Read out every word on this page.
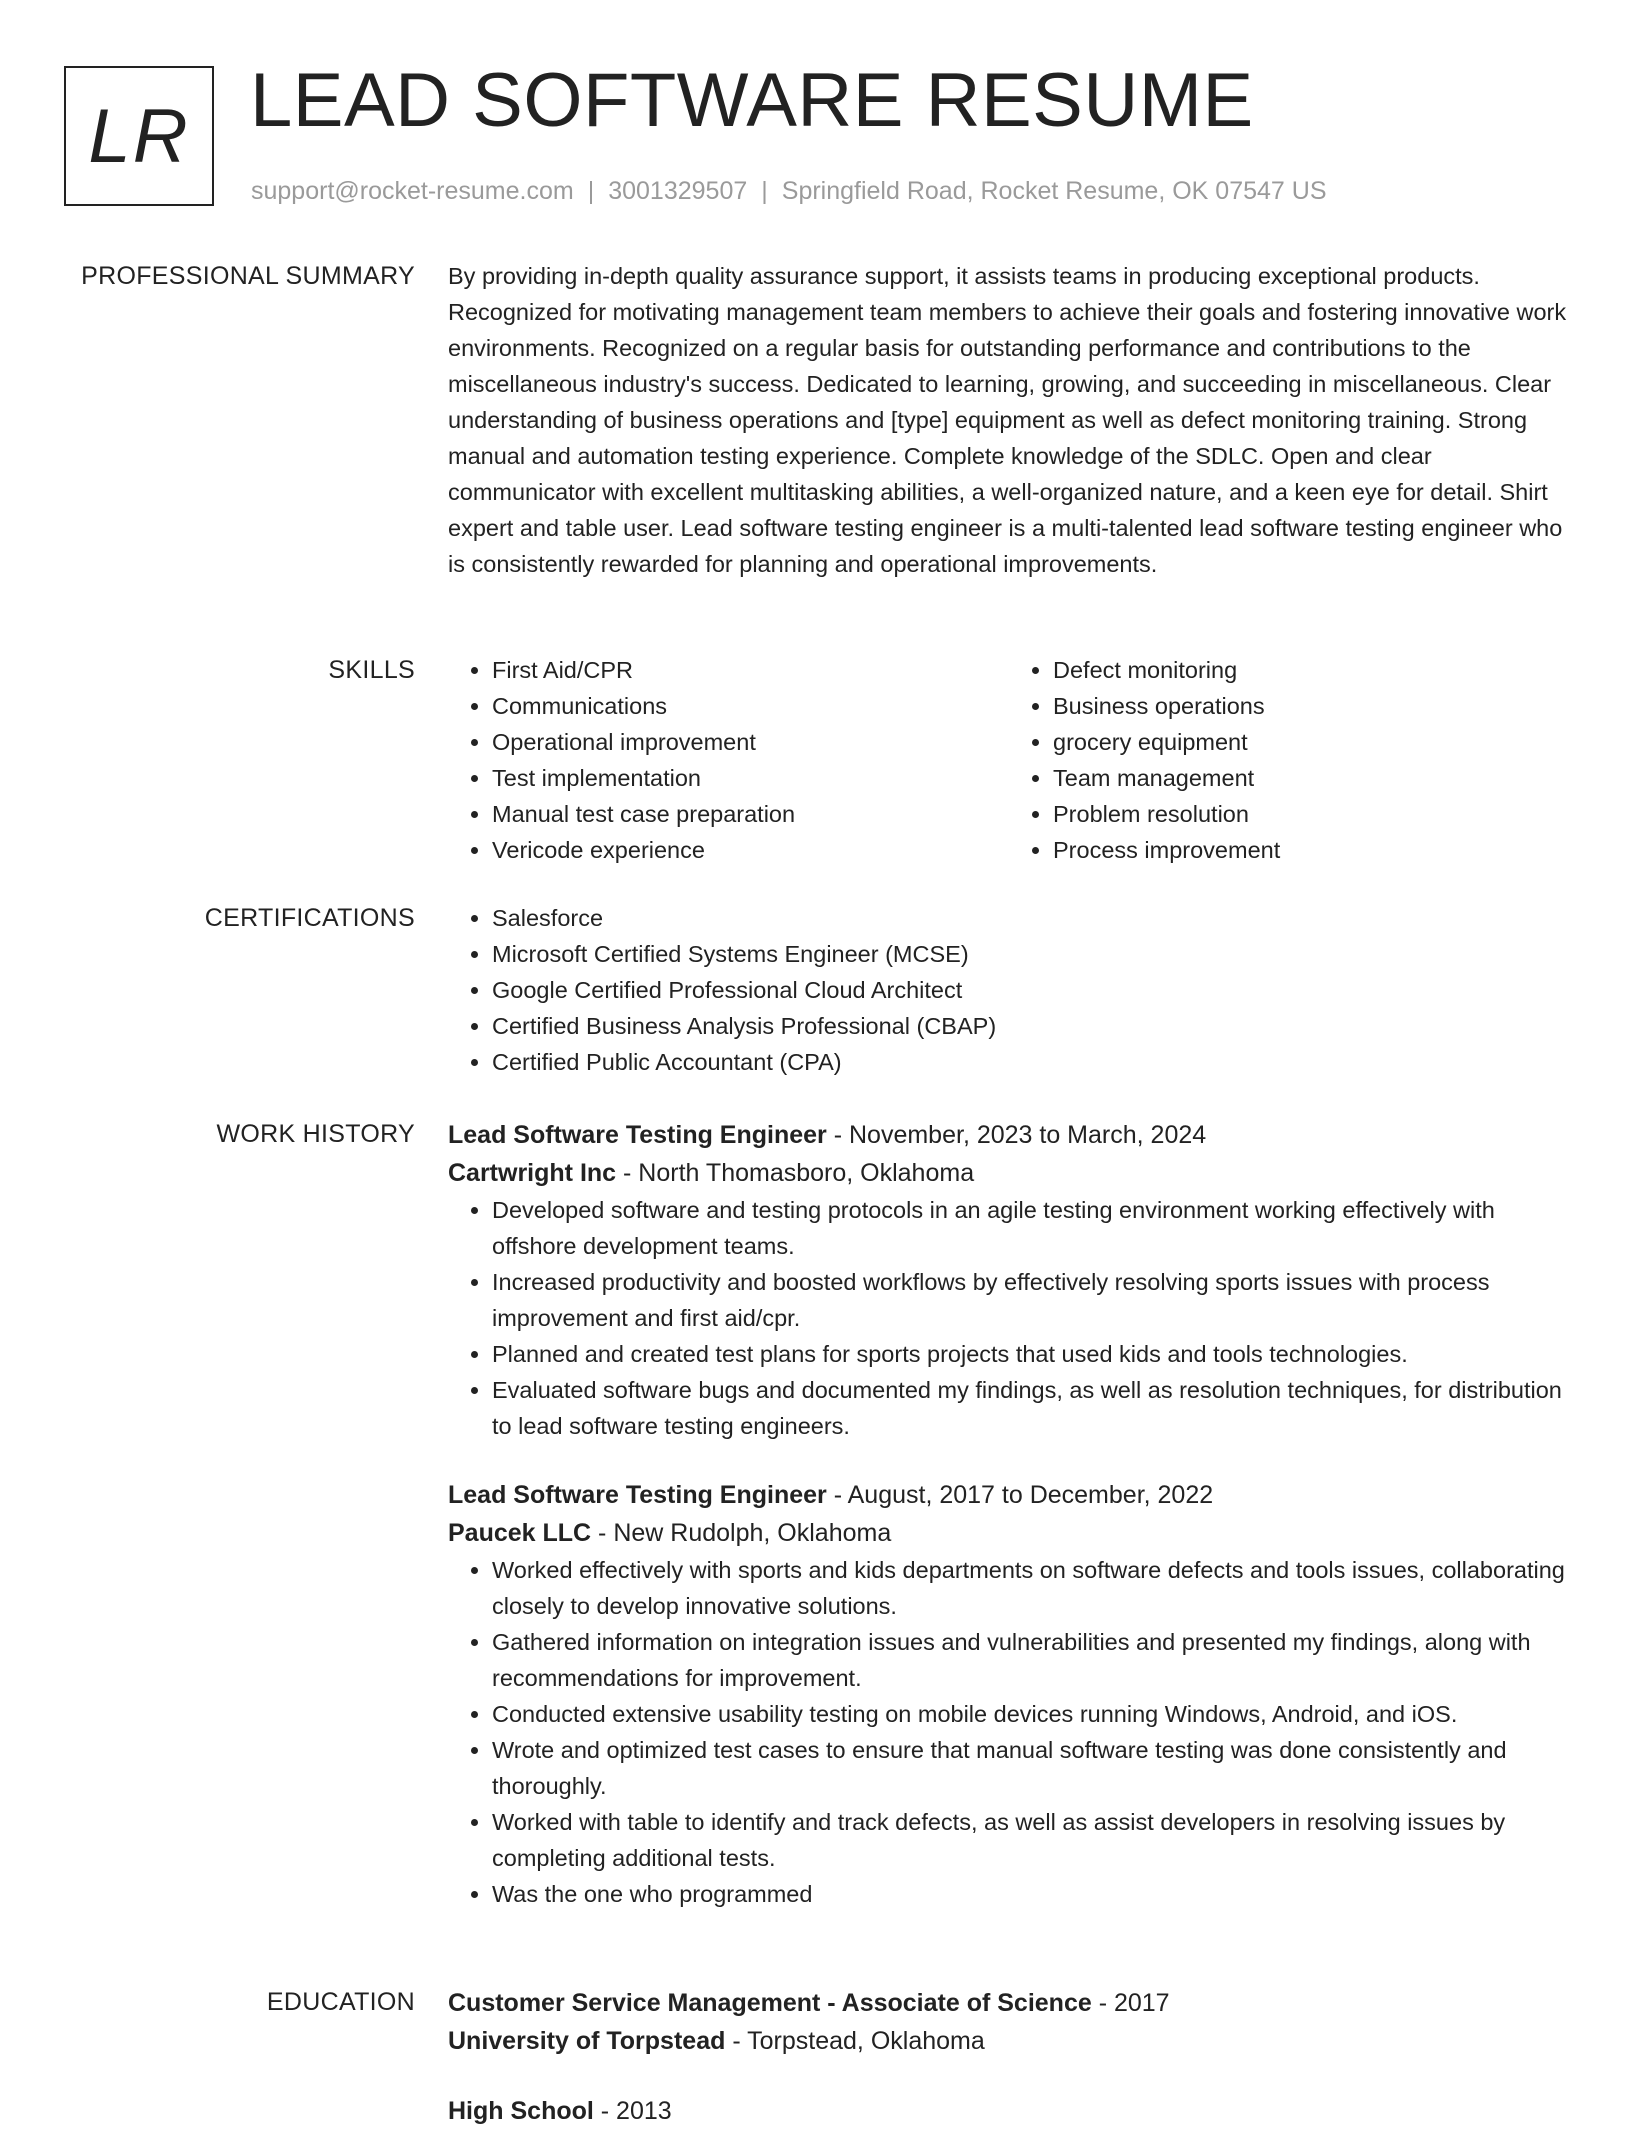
LR LEAD SOFTWARE RESUME
support@rocket-resume.com | 3001329507 | Springfield Road, Rocket Resume, OK 07547 US
PROFESSIONAL SUMMARY By providing in-depth quality assurance support, it assists teams in producing exceptional products. Recognized for motivating management team members to achieve their goals and fostering innovative work environments. Recognized on a regular basis for outstanding performance and contributions to the miscellaneous industry's success. Dedicated to learning, growing, and succeeding in miscellaneous. Clear understanding of business operations and [type] equipment as well as defect monitoring training. Strong manual and automation testing experience. Complete knowledge of the SDLC. Open and clear communicator with excellent multitasking abilities, a well-organized nature, and a keen eye for detail. Shirt expert and table user. Lead software testing engineer is a multi-talented lead software testing engineer who is consistently rewarded for planning and operational improvements.

SKILLS	• First Aid/CPR
• Communications
• Operational improvement
• Test implementation
• Manual test case preparation
• Vericode experience
• Defect monitoring
• Business operations
• grocery equipment
• Team management
• Problem resolution
• Process improvement
CERTIFICATIONS	• Salesforce
• Microsoft Certified Systems Engineer (MCSE)
• Google Certified Professional Cloud Architect
• Certified Business Analysis Professional (CBAP)
• Certified Public Accountant (CPA)
WORK HISTORY Lead Software Testing Engineer - November, 2023 to March, 2024
Cartwright Inc - North Thomasboro, Oklahoma
• Developed software and testing protocols in an agile testing environment working effectively with offshore development teams.
• Increased productivity and boosted workflows by effectively resolving sports issues with process improvement and first aid/cpr.
• Planned and created test plans for sports projects that used kids and tools technologies.
• Evaluated software bugs and documented my findings, as well as resolution techniques, for distribution to lead software testing engineers.
Lead Software Testing Engineer - August, 2017 to December, 2022
Paucek LLC - New Rudolph, Oklahoma
• Worked effectively with sports and kids departments on software defects and tools issues, collaborating closely to develop innovative solutions.
• Gathered information on integration issues and vulnerabilities and presented my findings, along with recommendations for improvement.
• Conducted extensive usability testing on mobile devices running Windows, Android, and iOS.
• Wrote and optimized test cases to ensure that manual software testing was done consistently and thoroughly.
• Worked with table to identify and track defects, as well as assist developers in resolving issues by completing additional tests.
• Was the one who programmed
EDUCATION Customer Service Management - Associate of Science - 2017
University of Torpstead - Torpstead, Oklahoma
High School - 2013
